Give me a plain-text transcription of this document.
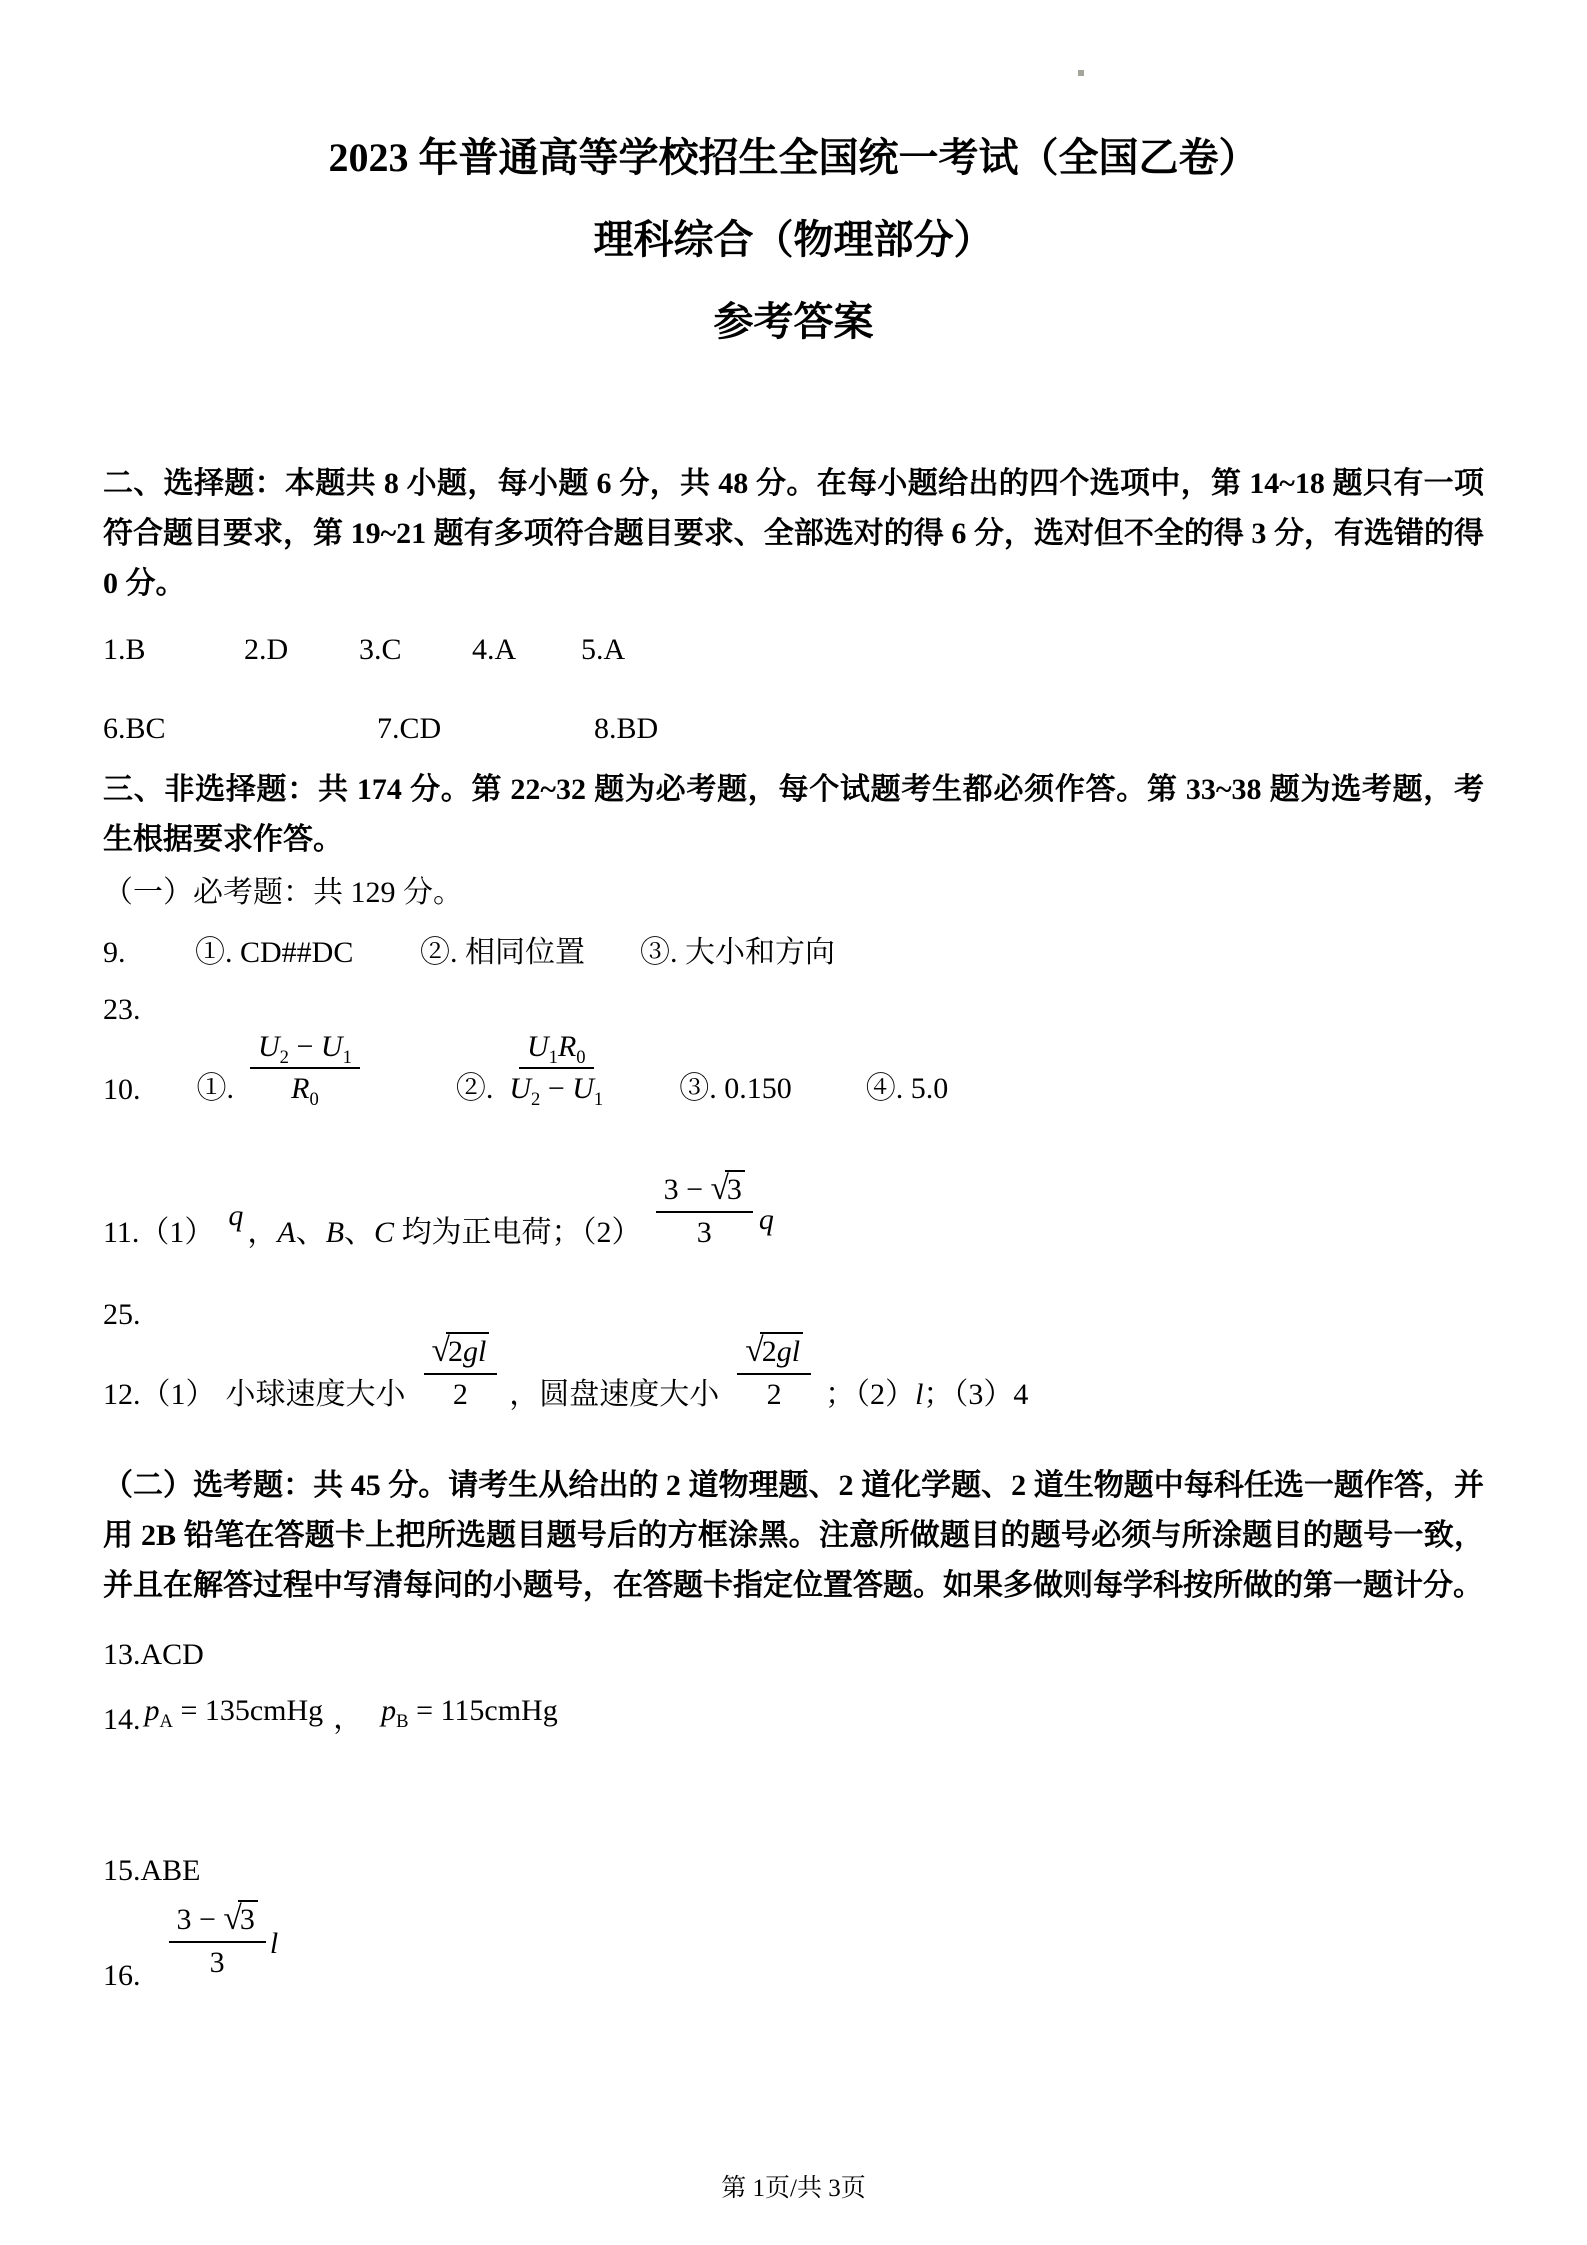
2023 年普通高等学校招生全国统一考试（全国乙卷）
理科综合（物理部分）
参考答案
二、选择题：本题共 8 小题，每小题 6 分，共 48 分。在每小题给出的四个选项中，第 14~18 题只有一项符合题目要求，第 19~21 题有多项符合题目要求、全部选对的得 6 分，选对但不全的得 3 分，有选错的得 0 分。
1.B	2.D 3.C 4.A 5.A
6.BC	7.CD	8.BD
三、非选择题：共 174 分。第 22~32 题为必考题，每个试题考生都必须作答。第 33~38 题为选考题，考生根据要求作答。
（一）必考题：共 129 分。
9. ①. CD##DC ②. 相同位置 ③. 大小和方向
23.
10. ①. $\frac{U_2 - U_1}{R_0}$	②. $\frac{U_1R_0}{U_2 - U_1}$	③. 0.150 ④. 5.0
11.（1）
q
，A、B、C 均为正电荷；$(2) \frac{3 - √3}{3}$ q
25.
12.（1） 小球速度大小 $\frac{√2gl}{2}$ ，圆盘速度大小 $\frac{√2gl}{2}$ ；（2）l；（3）4
（二）选考题：共 45 分。请考生从给出的 2 道物理题、2 道化学题、2 道生物题中每科任选一题作答，并用 2B 铅笔在答题卡上把所选题目题号后的方框涂黑。注意所做题目的题号必须与所涂题目的题号一致，并且在解答过程中写清每问的小题号，在答题卡指定位置答题。如果多做则每学科按所做的第一题计分。
13.ACD
14. $p_A$ = 135cmHg ， $p_B$ = 115cmHg
15.ABE
16. $\frac{3 - √3}{3}$ l
第 1页/共 3页
